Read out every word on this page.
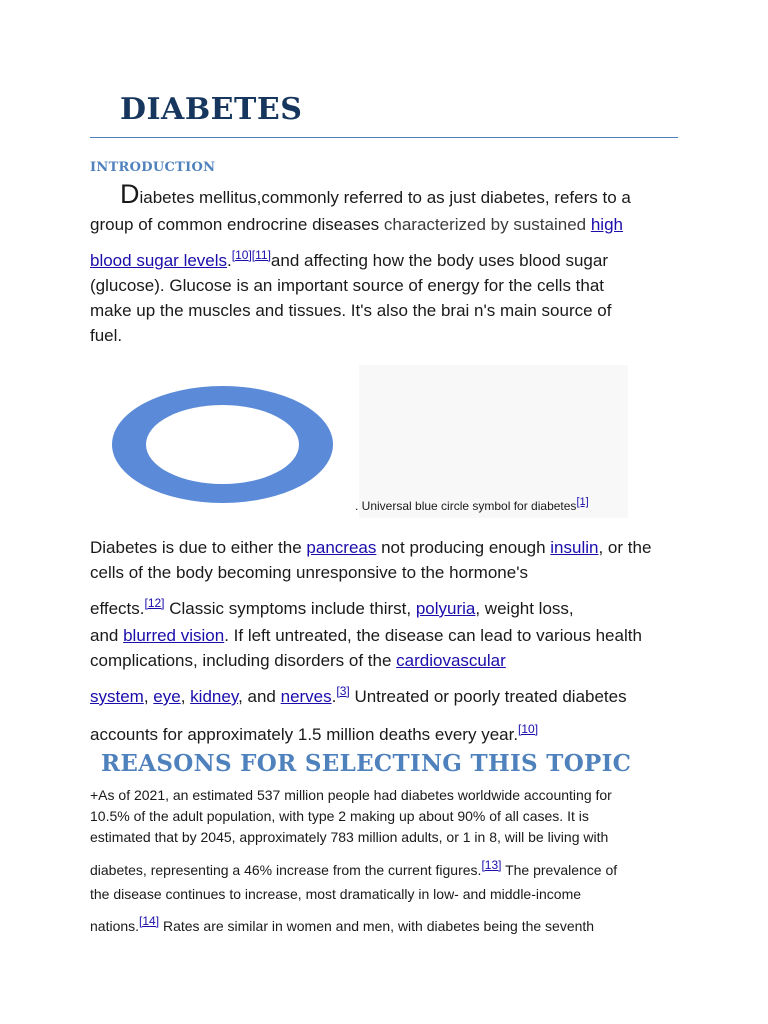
DIABETES
INTRODUCTION
Diabetes mellitus,commonly referred to as just diabetes, refers to a
group of common endrocrine diseases characterized by sustained high
blood sugar levels.[10][11]and affecting how the body uses blood sugar
(glucose). Glucose is an important source of energy for the cells that
make up the muscles and tissues. It's also the brai n's main source of
fuel.
. Universal blue circle symbol for diabetes[1]
Diabetes is due to either the pancreas not producing enough insulin, or the
cells of the body becoming unresponsive to the hormone's
effects.[12] Classic symptoms include thirst, polyuria, weight loss,
and blurred vision. If left untreated, the disease can lead to various health
complications, including disorders of the cardiovascular
system, eye, kidney, and nerves.[3] Untreated or poorly treated diabetes
accounts for approximately 1.5 million deaths every year.[10]
REASONS FOR SELECTING THIS TOPIC
+As of 2021, an estimated 537 million people had diabetes worldwide accounting for
10.5% of the adult population, with type 2 making up about 90% of all cases. It is
estimated that by 2045, approximately 783 million adults, or 1 in 8, will be living with
diabetes, representing a 46% increase from the current figures.[13] The prevalence of
the disease continues to increase, most dramatically in low- and middle-income
nations.[14] Rates are similar in women and men, with diabetes being the seventh
